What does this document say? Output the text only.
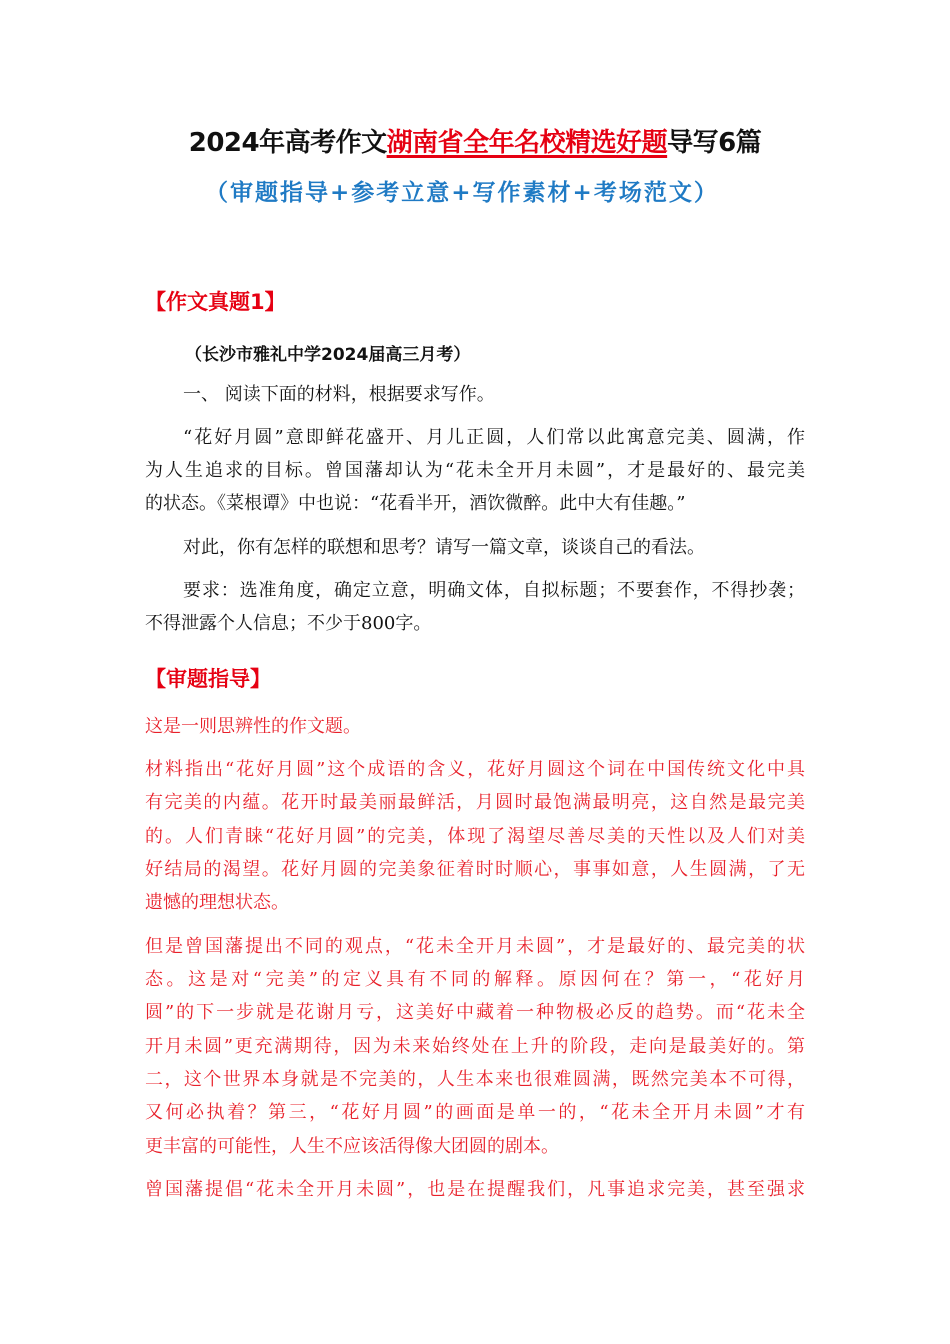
2024年高考作文湖南省全年名校精选好题导写6篇
（审题指导+参考立意+写作素材+考场范文）
【作文真题1】
（长沙市雅礼中学2024届高三月考）
一、 阅读下面的材料，根据要求写作。
“花好月圆”意即鲜花盛开、月儿正圆，人们常以此寓意完美、圆满，作
为人生追求的目标。曾国藩却认为“花未全开月未圆”，才是最好的、最完美
的状态。《菜根谭》中也说：“花看半开，酒饮微醉。此中大有佳趣。”
对此，你有怎样的联想和思考？请写一篇文章，谈谈自己的看法。
要求：选准角度，确定立意，明确文体，自拟标题；不要套作，不得抄袭；
不得泄露个人信息；不少于800字。
【审题指导】
这是一则思辨性的作文题。
材料指出“花好月圆”这个成语的含义，花好月圆这个词在中国传统文化中具
有完美的内蕴。花开时最美丽最鲜活，月圆时最饱满最明亮，这自然是最完美
的。人们青睐“花好月圆”的完美，体现了渴望尽善尽美的天性以及人们对美
好结局的渴望。花好月圆的完美象征着时时顺心，事事如意，人生圆满，了无
遗憾的理想状态。
但是曾国藩提出不同的观点，“花未全开月未圆”，才是最好的、最完美的状
态。这是对“完美”的定义具有不同的解释。原因何在？第一，“花好月
圆”的下一步就是花谢月亏，这美好中藏着一种物极必反的趋势。而“花未全
开月未圆”更充满期待，因为未来始终处在上升的阶段，走向是最美好的。第
二，这个世界本身就是不完美的，人生本来也很难圆满，既然完美本不可得，
又何必执着？第三，“花好月圆”的画面是单一的，“花未全开月未圆”才有
更丰富的可能性，人生不应该活得像大团圆的剧本。
曾国藩提倡“花未全开月未圆”，也是在提醒我们，凡事追求完美，甚至强求
